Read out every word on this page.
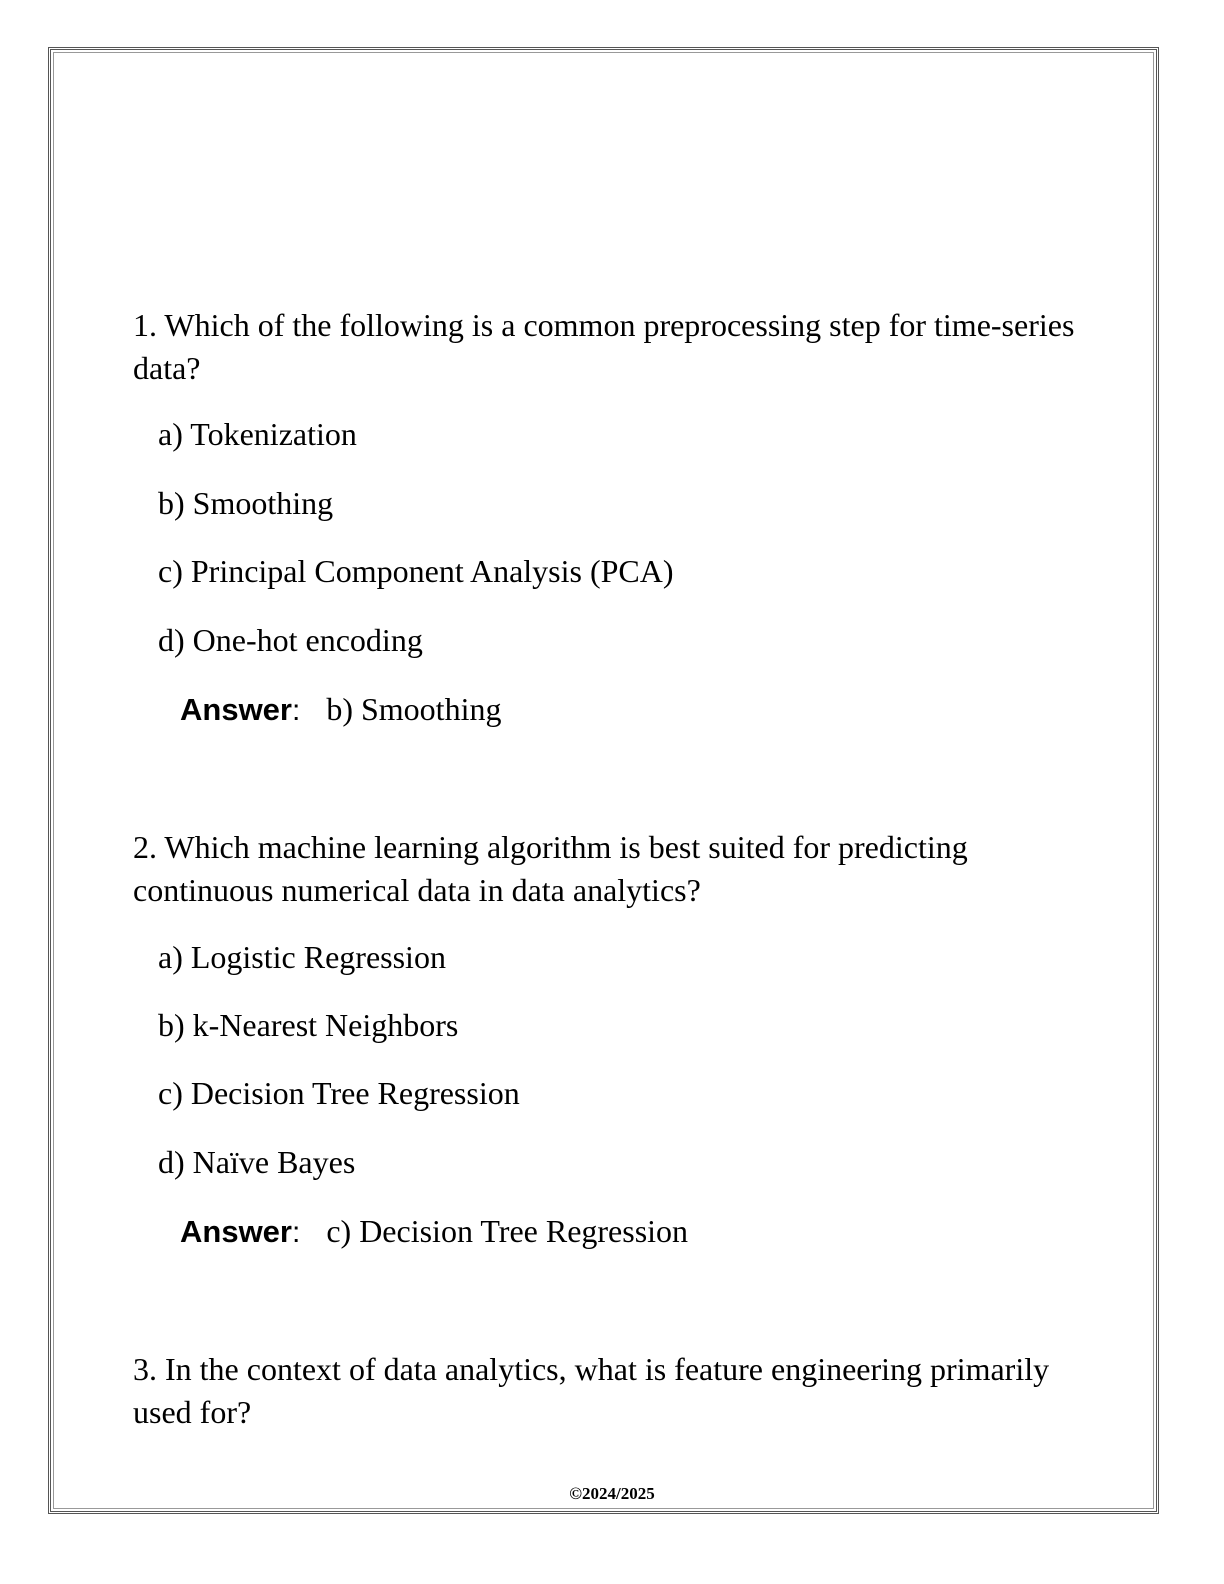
1. Which of the following is a common preprocessing step for time-series data?
a) Tokenization
b) Smoothing
c) Principal Component Analysis (PCA)
d) One-hot encoding
Answer: b) Smoothing
2. Which machine learning algorithm is best suited for predicting continuous numerical data in data analytics?
a) Logistic Regression
b) k-Nearest Neighbors
c) Decision Tree Regression
d) Naïve Bayes
Answer: c) Decision Tree Regression
3. In the context of data analytics, what is feature engineering primarily used for?
©2024/2025
